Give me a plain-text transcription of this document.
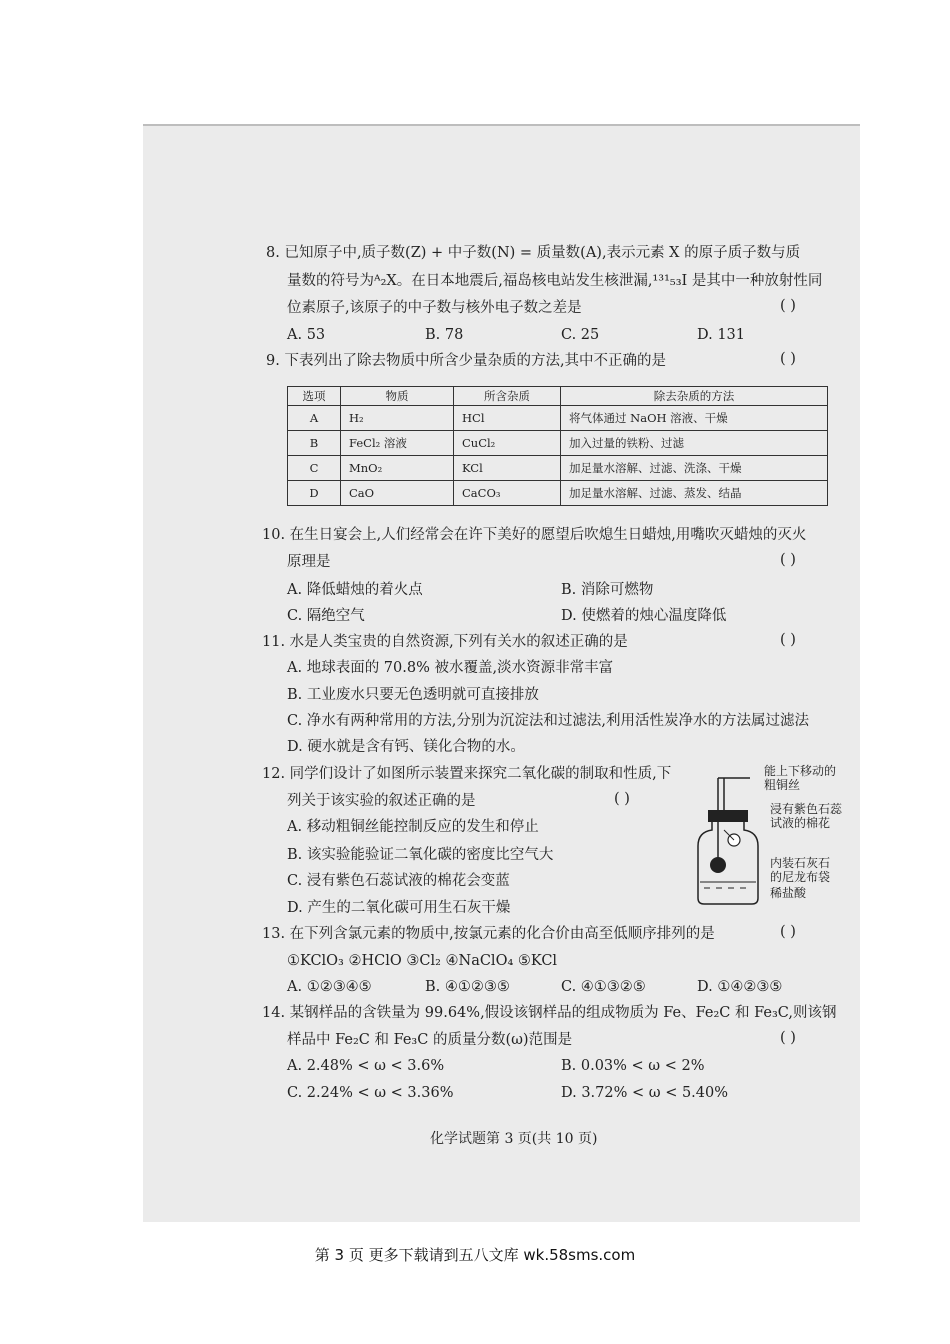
8. 已知原子中,质子数(Z) + 中子数(N) = 质量数(A),表示元素 X 的原子质子数与质
量数的符号为ᴬ₂X。在日本地震后,福岛核电站发生核泄漏,¹³¹₅₃I 是其中一种放射性同
位素原子,该原子的中子数与核外电子数之差是	( )
A. 53	B. 78	C. 25	D. 131
9. 下表列出了除去物质中所含少量杂质的方法,其中不正确的是	( )
选项	物质	所含杂质	除去杂质的方法
A	H₂	HCl	将气体通过 NaOH 溶液、干燥
B	FeCl₂ 溶液	CuCl₂	加入过量的铁粉、过滤
C	MnO₂	KCl	加足量水溶解、过滤、洗涤、干燥
D	CaO	CaCO₃	加足量水溶解、过滤、蒸发、结晶
10. 在生日宴会上,人们经常会在许下美好的愿望后吹熄生日蜡烛,用嘴吹灭蜡烛的灭火
原理是	( )
A. 降低蜡烛的着火点	B. 消除可燃物
C. 隔绝空气	D. 使燃着的烛心温度降低
11. 水是人类宝贵的自然资源,下列有关水的叙述正确的是	( )
A. 地球表面的 70.8% 被水覆盖,淡水资源非常丰富
B. 工业废水只要无色透明就可直接排放
C. 净水有两种常用的方法,分别为沉淀法和过滤法,利用活性炭净水的方法属过滤法
D. 硬水就是含有钙、镁化合物的水。
12. 同学们设计了如图所示装置来探究二氧化碳的制取和性质,下
列关于该实验的叙述正确的是	( )
A. 移动粗铜丝能控制反应的发生和停止
B. 该实验能验证二氧化碳的密度比空气大
C. 浸有紫色石蕊试液的棉花会变蓝
D. 产生的二氧化碳可用生石灰干燥
能上下移动的
粗铜丝
浸有紫色石蕊
试液的棉花
内装石灰石
的尼龙布袋
稀盐酸
13. 在下列含氯元素的物质中,按氯元素的化合价由高至低顺序排列的是	( )
①KClO₃ ②HClO ③Cl₂ ④NaClO₄ ⑤KCl
A. ①②③④⑤	B. ④①②③⑤	C. ④①③②⑤	D. ①④②③⑤
14. 某钢样品的含铁量为 99.64%,假设该钢样品的组成物质为 Fe、Fe₂C 和 Fe₃C,则该钢
样品中 Fe₂C 和 Fe₃C 的质量分数(ω)范围是	( )
A. 2.48% < ω < 3.6%	B. 0.03% < ω < 2%
C. 2.24% < ω < 3.36%	D. 3.72% < ω < 5.40%
化学试题第 3 页(共 10 页)
第 3 页 更多下载请到五八文库 wk.58sms.com
